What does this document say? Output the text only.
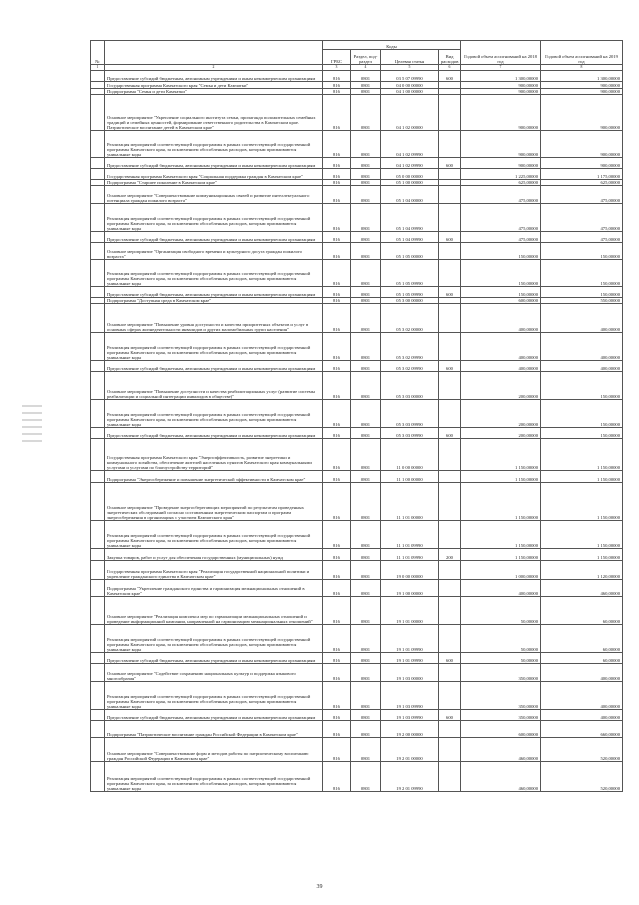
№		Коды				Годовой объем ассигнований на 2018 год	Годовой объем ассигнований на 2019 год
		ГРБС	Раздел, под-раздел	Целевая статья	Вид расходов		
1	2	3	4	5	6	7	8
	Предоставление субсидий бюджетным, автономным учреждениям и иным некоммерческим организациям	816	0801	03 5 07 09990	600	1 300,00000	1 300,00000
	Государственная программа Камчатского края "Семья и дети Камчатки"	816	0801	04 0 00 00000		900,00000	900,00000
	Подпрограмма "Семья и дети Камчатки"	816	0801	04 1 00 00000		900,00000	900,00000
	Основное мероприятие "Укрепление социального института семьи, пропаганда положительных семейных традиций и семейных ценностей, формирование ответственного родительства в Камчатском крае. Патриотическое воспитание детей в Камчатском крае"	816	0801	04 1 02 00000		900,00000	900,00000
	Реализация мероприятий соответствующей подпрограммы в рамках соответствующей государственной программы Камчатского края, за исключением обособленных расходов, которым присваиваются уникальные коды	816	0801	04 1 02 09990		900,00000	900,00000
	Предоставление субсидий бюджетным, автономным учреждениям и иным некоммерческим организациям	816	0801	04 1 02 09990	600	900,00000	900,00000
	Государственная программа Камчатского края "Социальная поддержка граждан в Камчатском крае"	816	0801	05 0 00 00000		1 225,00000	1 175,00000
	Подпрограмма "Старшее поколение в Камчатском крае"	816	0801	05 1 00 00000		625,00000	625,00000
	Основное мероприятие "Совершенствование коммуникационных связей и развитие интеллектуального потенциала граждан пожилого возраста"	816	0801	05 1 04 00000		475,00000	475,00000
	Реализация мероприятий соответствующей подпрограммы в рамках соответствующей государственной программы Камчатского края, за исключением обособленных расходов, которым присваиваются уникальные коды	816	0801	05 1 04 09990		475,00000	475,00000
	Предоставление субсидий бюджетным, автономным учреждениям и иным некоммерческим организациям	816	0801	05 1 04 09990	600	475,00000	475,00000
	Основное мероприятие "Организация свободного времени и культурного досуга граждан пожилого возраста"	816	0801	05 1 05 00000		150,00000	150,00000
	Реализация мероприятий соответствующей подпрограммы в рамках соответствующей государственной программы Камчатского края, за исключением обособленных расходов, которым присваиваются уникальные коды	816	0801	05 1 05 09990		150,00000	150,00000
	Предоставление субсидий бюджетным, автономным учреждениям и иным некоммерческим организациям	816	0801	05 1 05 09990	600	150,00000	150,00000
	Подпрограмма "Доступная среда в Камчатском крае"	816	0801	05 3 00 00000		600,00000	550,00000
	Основное мероприятие "Повышение уровня доступности и качества приоритетных объектов и услуг в основных сферах жизнедеятельности инвалидов и других маломобильных групп населения"	816	0801	05 3 02 00000		400,00000	400,00000
	Реализация мероприятий соответствующей подпрограммы в рамках соответствующей государственной программы Камчатского края, за исключением обособленных расходов, которым присваиваются уникальные коды	816	0801	05 3 02 09990		400,00000	400,00000
	Предоставление субсидий бюджетным, автономным учреждениям и иным некоммерческим организациям	816	0801	05 3 02 09990	600	400,00000	400,00000
	Основное мероприятие "Повышение доступности и качества реабилитационных услуг (развитие системы реабилитации и социальной интеграции инвалидов в обществе)"	816	0801	05 3 03 00000		200,00000	150,00000
	Реализация мероприятий соответствующей подпрограммы в рамках соответствующей государственной программы Камчатского края, за исключением обособленных расходов, которым присваиваются уникальные коды	816	0801	05 3 03 09990		200,00000	150,00000
	Предоставление субсидий бюджетным, автономным учреждениям и иным некоммерческим организациям	816	0801	05 3 03 09990	600	200,00000	150,00000
	Государственная программа Камчатского края "Энергоэффективность, развитие энергетики и коммунального хозяйства, обеспечение жителей населенных пунктов Камчатского края коммунальными услугами и услугами по благоустройству территорий"	816	0801	11 0 00 00000		1 150,00000	1 150,00000
	Подпрограмма "Энергосбережение и повышение энергетической эффективности в Камчатском крае"	816	0801	11 1 00 00000		1 150,00000	1 150,00000
	Основное мероприятие "Проведение энергосберегающих мероприятий по результатам проведенных энергетических обследований согласно составленным энергетическим паспортам и программ энергосбережения в организациях с участием Камчатского края"	816	0801	11 1 01 00000		1 150,00000	1 150,00000
	Реализация мероприятий соответствующей подпрограммы в рамках соответствующей государственной программы Камчатского края, за исключением обособленных расходов, которым присваиваются уникальные коды	816	0801	11 1 01 09990		1 150,00000	1 150,00000
	Закупка товаров, работ и услуг для обеспечения государственных (муниципальных) нужд	816	0801	11 1 01 09990	200	1 150,00000	1 150,00000
	Государственная программа Камчатского края "Реализация государственной национальной политики и укрепление гражданского единства в Камчатском крае"	816	0801	19 0 00 00000		1 000,00000	1 120,00000
	Подпрограмма "Укрепление гражданского единства и гармонизация межнациональных отношений в Камчатском крае"	816	0801	19 1 00 00000		400,00000	460,00000
	Основное мероприятие "Реализация комплекса мер по гармонизации межнациональных отношений и проведение информационной кампании, направленной на гармонизацию межнациональных отношений"	816	0801	19 1 01 00000		50,00000	60,00000
	Реализация мероприятий соответствующей подпрограммы в рамках соответствующей государственной программы Камчатского края, за исключением обособленных расходов, которым присваиваются уникальные коды	816	0801	19 1 01 09990		50,00000	60,00000
	Предоставление субсидий бюджетным, автономным учреждениям и иным некоммерческим организациям	816	0801	19 1 01 09990	600	50,00000	60,00000
	Основное мероприятие "Содействие сохранению национальных культур и поддержка языкового многообразия"	816	0801	19 1 03 00000		350,00000	400,00000
	Реализация мероприятий соответствующей подпрограммы в рамках соответствующей государственной программы Камчатского края, за исключением обособленных расходов, которым присваиваются уникальные коды	816	0801	19 1 03 09990		350,00000	400,00000
	Предоставление субсидий бюджетным, автономным учреждениям и иным некоммерческим организациям	816	0801	19 1 03 09990	600	350,00000	400,00000
	Подпрограмма "Патриотическое воспитание граждан Российской Федерации в Камчатском крае"	816	0801	19 2 00 00000		600,00000	660,00000
	Основное мероприятие "Совершенствование форм и методов работы по патриотическому воспитанию граждан Российской Федерации в Камчатском крае"	816	0801	19 2 01 00000		460,00000	520,00000
	Реализация мероприятий соответствующей подпрограммы в рамках соответствующей государственной программы Камчатского края, за исключением обособленных расходов, которым присваиваются уникальные коды	816	0801	19 2 01 09990		460,00000	520,00000
39
